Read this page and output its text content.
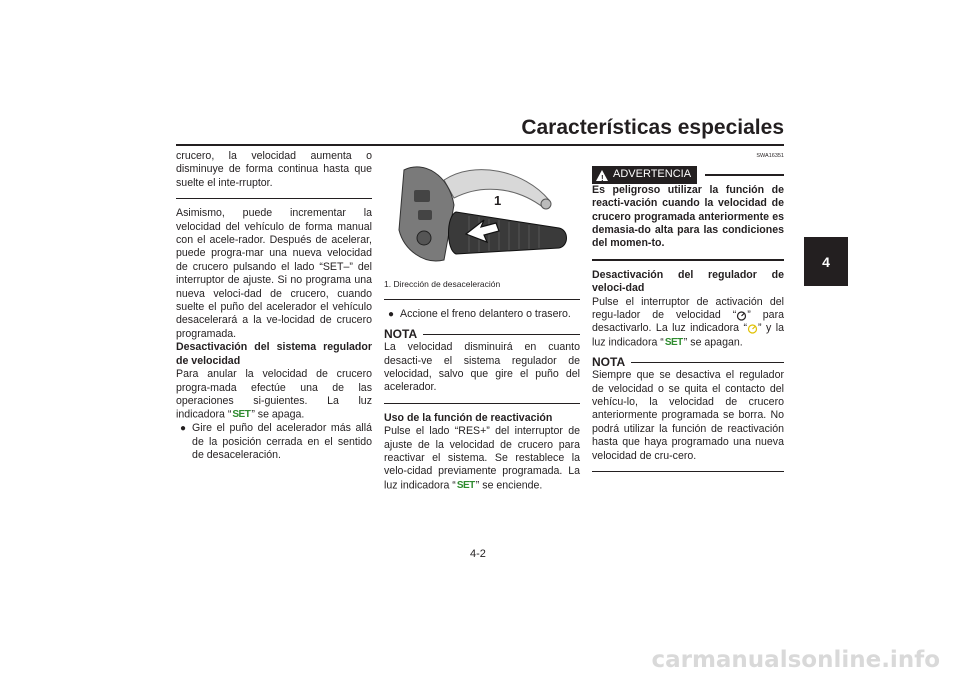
Características especiales
4

crucero, la velocidad aumenta o disminuye de forma continua hasta que suelte el inte-rruptor.

Asimismo, puede incrementar la velocidad del vehículo de forma manual con el acele-rador. Después de acelerar, puede progra-mar una nueva velocidad de crucero pulsando el lado “SET–” del interruptor de ajuste. Si no programa una nueva veloci-dad de crucero, cuando suelte el puño del acelerador el vehículo desacelerará a la ve-locidad de crucero programada.

Desactivación del sistema regulador de velocidad

Para anular la velocidad de crucero progra-mada efectúe una de las operaciones si-guientes. La luz indicadora “SET” se apaga.

● Gire el puño del acelerador más allá de la posición cerrada en el sentido de desaceleración.
1
1. Dirección de desaceleración
● Accione el freno delantero o trasero.
NOTA

La velocidad disminuirá en cuanto desacti-ve el sistema regulador de velocidad, salvo que gire el puño del acelerador.

Uso de la función de reactivación

Pulse el lado “RES+” del interruptor de ajuste de la velocidad de crucero para reactivar el sistema. Se restablece la velo-cidad previamente programada. La luz indicadora “SET” se enciende.

SWA16351
! ADVERTENCIA

Es peligroso utilizar la función de reacti-vación cuando la velocidad de crucero programada anteriormente es demasia-do alta para las condiciones del momen-to.

Desactivación del regulador de veloci-dad

Pulse el interruptor de activación del regu-lador de velocidad “ ” para desactivarlo. La luz indicadora “ ” y la luz indicadora “SET” se apagan.

NOTA

Siempre que se desactiva el regulador de velocidad o se quita el contacto del vehícu-lo, la velocidad de crucero anteriormente programada se borra. No podrá utilizar la función de reactivación hasta que haya programado una nueva velocidad de cru-cero.

4-2
carmanualsonline.info
